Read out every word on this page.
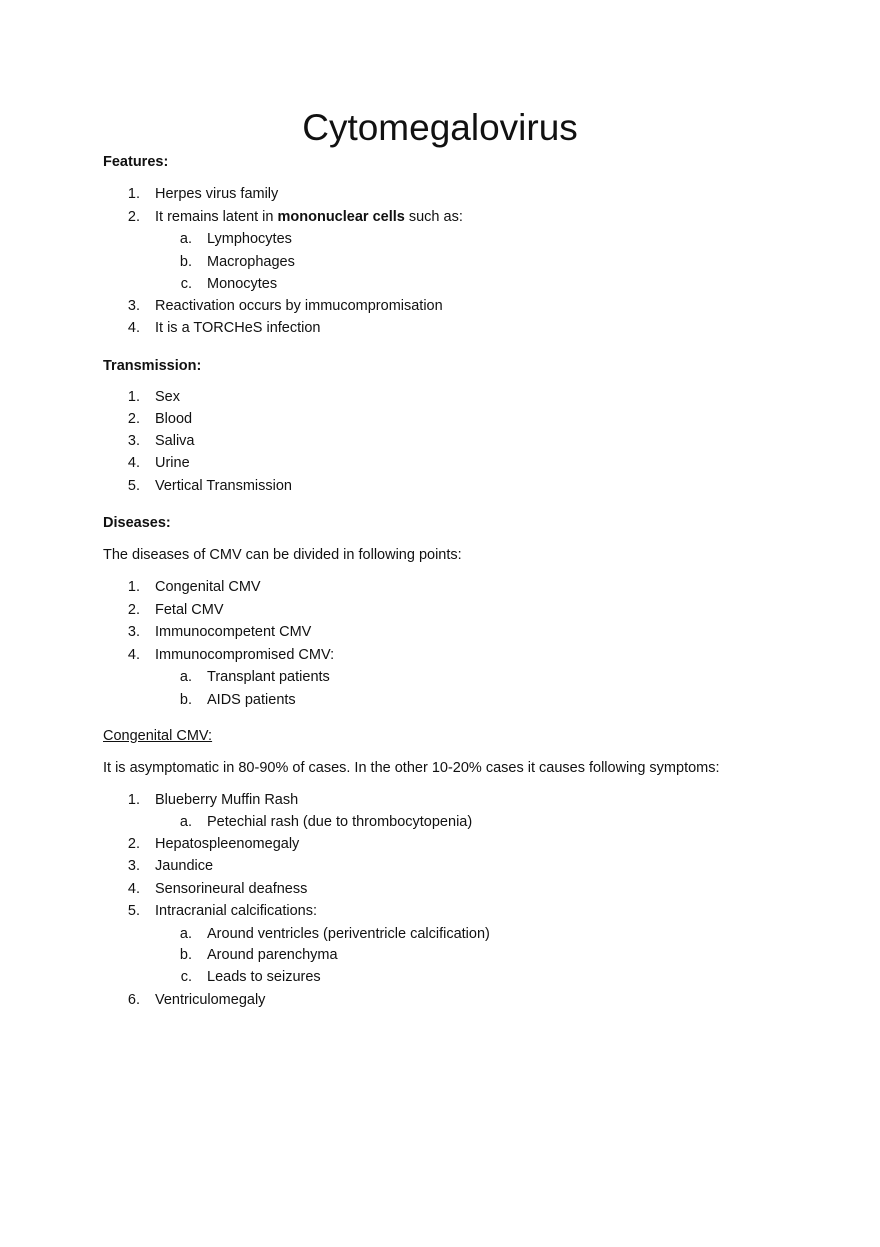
Cytomegalovirus
Features:
1. Herpes virus family
2. It remains latent in mononuclear cells such as:
a. Lymphocytes
b. Macrophages
c. Monocytes
3. Reactivation occurs by immucompromisation
4. It is a TORCHeS infection
Transmission:
1. Sex
2. Blood
3. Saliva
4. Urine
5. Vertical Transmission
Diseases:
The diseases of CMV can be divided in following points:
1. Congenital CMV
2. Fetal CMV
3. Immunocompetent CMV
4. Immunocompromised CMV:
a. Transplant patients
b. AIDS patients
Congenital CMV:
It is asymptomatic in 80-90% of cases. In the other 10-20% cases it causes following symptoms:
1. Blueberry Muffin Rash
a. Petechial rash (due to thrombocytopenia)
2. Hepatospleenomegaly
3. Jaundice
4. Sensorineural deafness
5. Intracranial calcifications:
a. Around ventricles (periventricle calcification)
b. Around parenchyma
c. Leads to seizures
6. Ventriculomegaly
